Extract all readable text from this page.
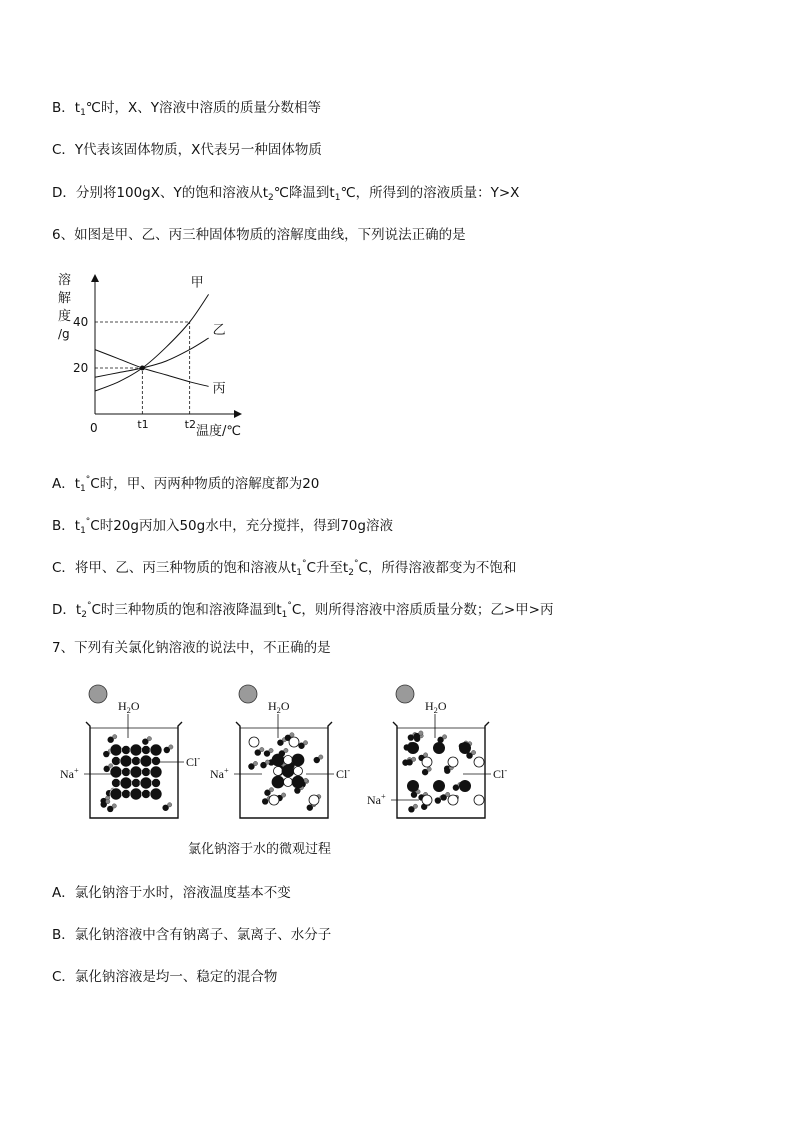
B．$t_1℃$时，X、Y溶液中溶质的质量分数相等
C．Y代表该固体物质，X代表另一种固体物质
D．分别将100gX、Y的饱和溶液从$t_2℃$降温到$t_1℃$，所得到的溶液质量：Y>X
6、如图是甲、乙、丙三种固体物质的溶解度曲线，下列说法正确的是
溶
解
度
/g
20
40
t1	t2
甲
乙
丙
0	温度/℃
A．$t_1^\circ C$时，甲、丙两种物质的溶解度都为20
B．$t_1^\circ C$时20g丙加入50g水中，充分搅拌，得到70g溶液
C．将甲、乙、丙三种物质的饱和溶液从$t_1^\circ C$升至$t_2^\circ C$，所得溶液都变为不饱和
D．$t_2^\circ C$时三种物质的饱和溶液降温到$t_1^\circ C$，则所得溶液中溶质质量分数；乙>甲>丙
7、下列有关氯化钠溶液的说法中，不正确的是
$H_2O$
Na+
Cl-
$H_2O$
Na+	Cl-
$H_2O$
Na+
Cl-
氯化钠溶于水的微观过程
A．氯化钠溶于水时，溶液温度基本不变
B．氯化钠溶液中含有钠离子、氯离子、水分子
C．氯化钠溶液是均一、稳定的混合物
